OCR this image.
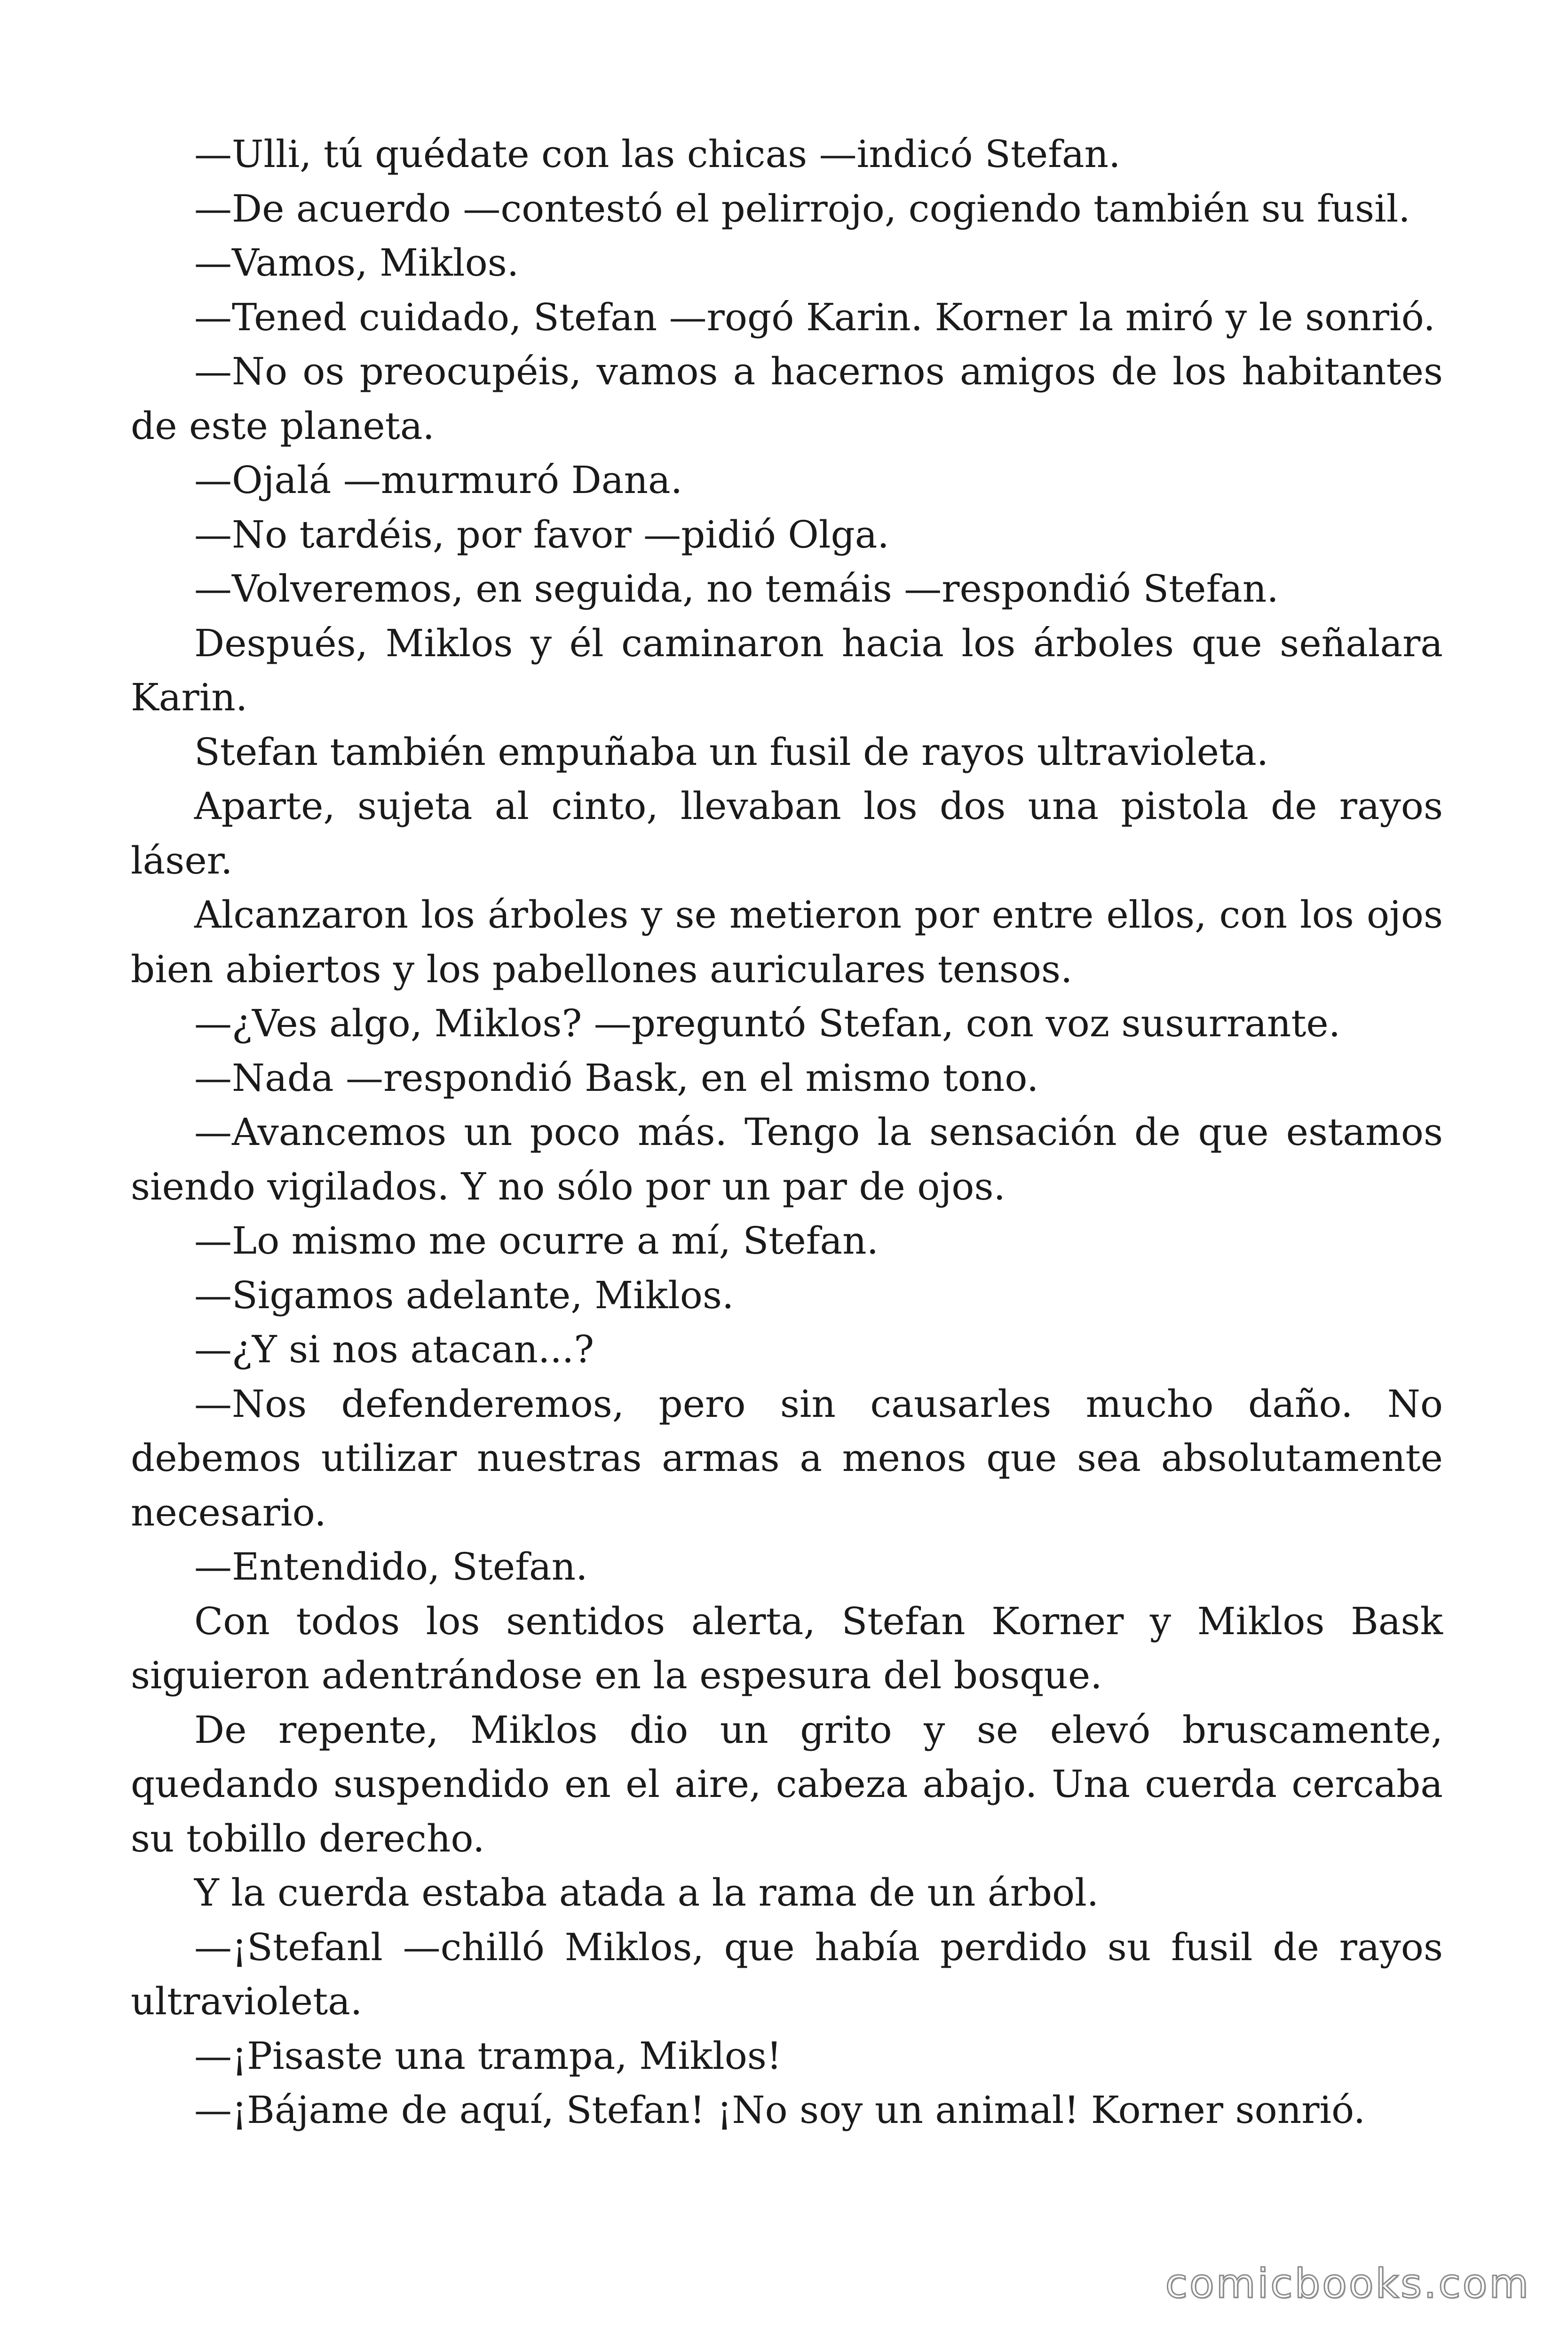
—Ulli, tú quédate con las chicas —indicó Stefan.

—De acuerdo —contestó el pelirrojo, cogiendo también su fusil.

—Vamos, Miklos.

—Tened cuidado, Stefan —rogó Karin. Korner la miró y le sonrió.

—No os preocupéis, vamos a hacernos amigos de los habitantes de este planeta.

—Ojalá —murmuró Dana.

—No tardéis, por favor —pidió Olga.

—Volveremos, en seguida, no temáis —respondió Stefan.

Después, Miklos y él caminaron hacia los árboles que señalara Karin.

Stefan también empuñaba un fusil de rayos ultravioleta.

Aparte, sujeta al cinto, llevaban los dos una pistola de rayos láser.

Alcanzaron los árboles y se metieron por entre ellos, con los ojos bien abiertos y los pabellones auriculares tensos.

—¿Ves algo, Miklos? —preguntó Stefan, con voz susurrante.

—Nada —respondió Bask, en el mismo tono.

—Avancemos un poco más. Tengo la sensación de que estamos siendo vigilados. Y no sólo por un par de ojos.

—Lo mismo me ocurre a mí, Stefan.

—Sigamos adelante, Miklos.

—¿Y si nos atacan...?

—Nos defenderemos, pero sin causarles mucho daño. No debemos utilizar nuestras armas a menos que sea absolutamente necesario.

—Entendido, Stefan.

Con todos los sentidos alerta, Stefan Korner y Miklos Bask siguieron adentrándose en la espesura del bosque.

De repente, Miklos dio un grito y se elevó bruscamente, quedando suspendido en el aire, cabeza abajo. Una cuerda cercaba su tobillo derecho.

Y la cuerda estaba atada a la rama de un árbol.

—¡Stefanl —chilló Miklos, que había perdido su fusil de rayos ultravioleta.

—¡Pisaste una trampa, Miklos!

—¡Bájame de aquí, Stefan! ¡No soy un animal! Korner sonrió.

comicbooks.com
